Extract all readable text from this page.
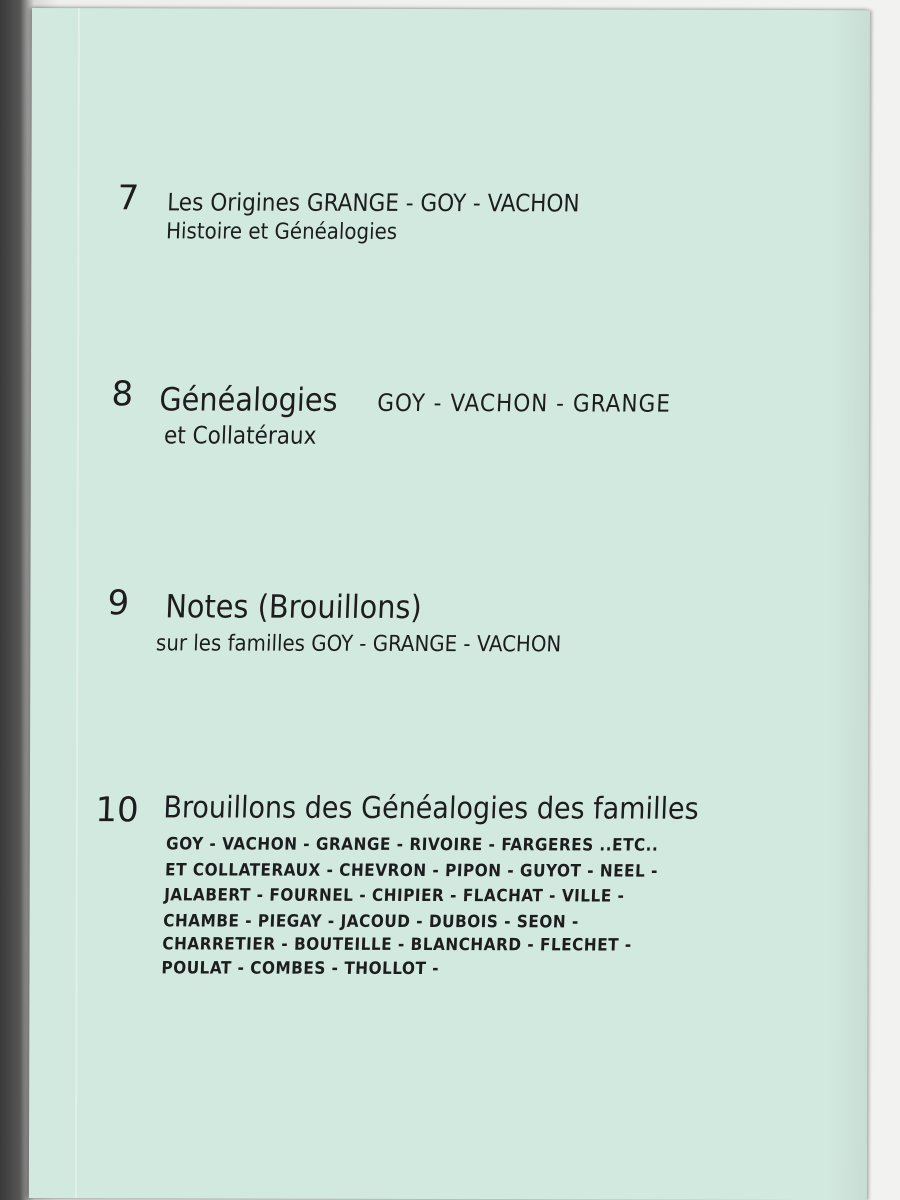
7 Les Origines GRANGE - GOY - VACHON
Histoire et Généalogies
8 Généalogies GOY - VACHON - GRANGE
et Collatéraux
9 Notes (Brouillons)
sur les familles GOY - GRANGE - VACHON
10 Brouillons des Généalogies des familles
GOY - VACHON - GRANGE - RIVOIRE - FARGERES ..ETC..
ET COLLATERAUX - CHEVRON - PIPON - GUYOT - NEEL -
JALABERT - FOURNEL - CHIPIER - FLACHAT - VILLE -
CHAMBE - PIEGAY - JACOUD - DUBOIS - SEON -
CHARRETIER - BOUTEILLE - BLANCHARD - FLECHET -
POULAT - COMBES - THOLLOT -
